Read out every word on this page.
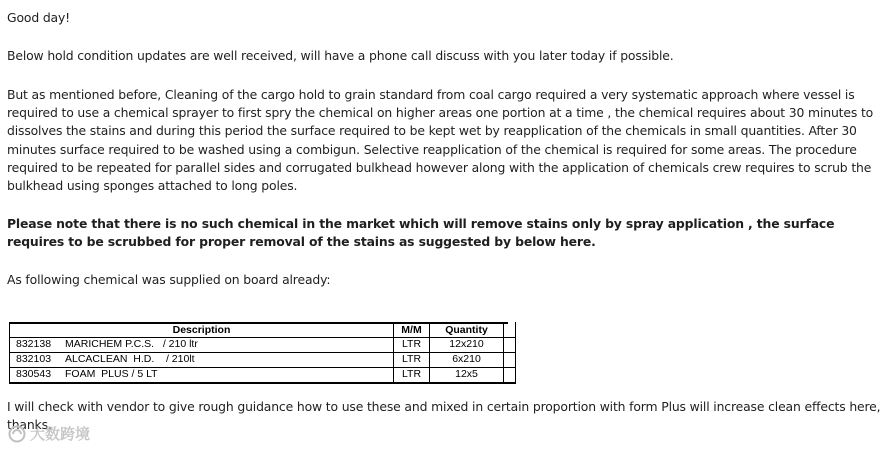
Good day!

Below hold condition updates are well received, will have a phone call discuss with you later today if possible.

But as mentioned before, Cleaning of the cargo hold to grain standard from coal cargo required a very systematic approach where vessel is required to use a chemical sprayer to first spry the chemical on higher areas one portion at a time , the chemical requires about 30 minutes to dissolves the stains and during this period the surface required to be kept wet by reapplication of the chemicals in small quantities. After 30 minutes surface required to be washed using a combigun. Selective reapplication of the chemical is required for some areas. The procedure required to be repeated for parallel sides and corrugated bulkhead however along with the application of chemicals crew requires to scrub the bulkhead using sponges attached to long poles.

Please note that there is no such chemical in the market which will remove stains only by spray application , the surface requires to be scrubbed for proper removal of the stains as suggested by below here.

As following chemical was supplied on board already:

I will check with vendor to give rough guidance how to use these and mixed in certain proportion with form Plus will increase clean effects here, thanks.

Description	M/M	Quantity
832138	MARICHEM P.C.S.   / 210 ltr	LTR	12x210
832103	ALCACLEAN  H.D.    / 210lt	LTR	6x210
830543	FOAM  PLUS / 5 LT	LTR	12x5
大数跨境
